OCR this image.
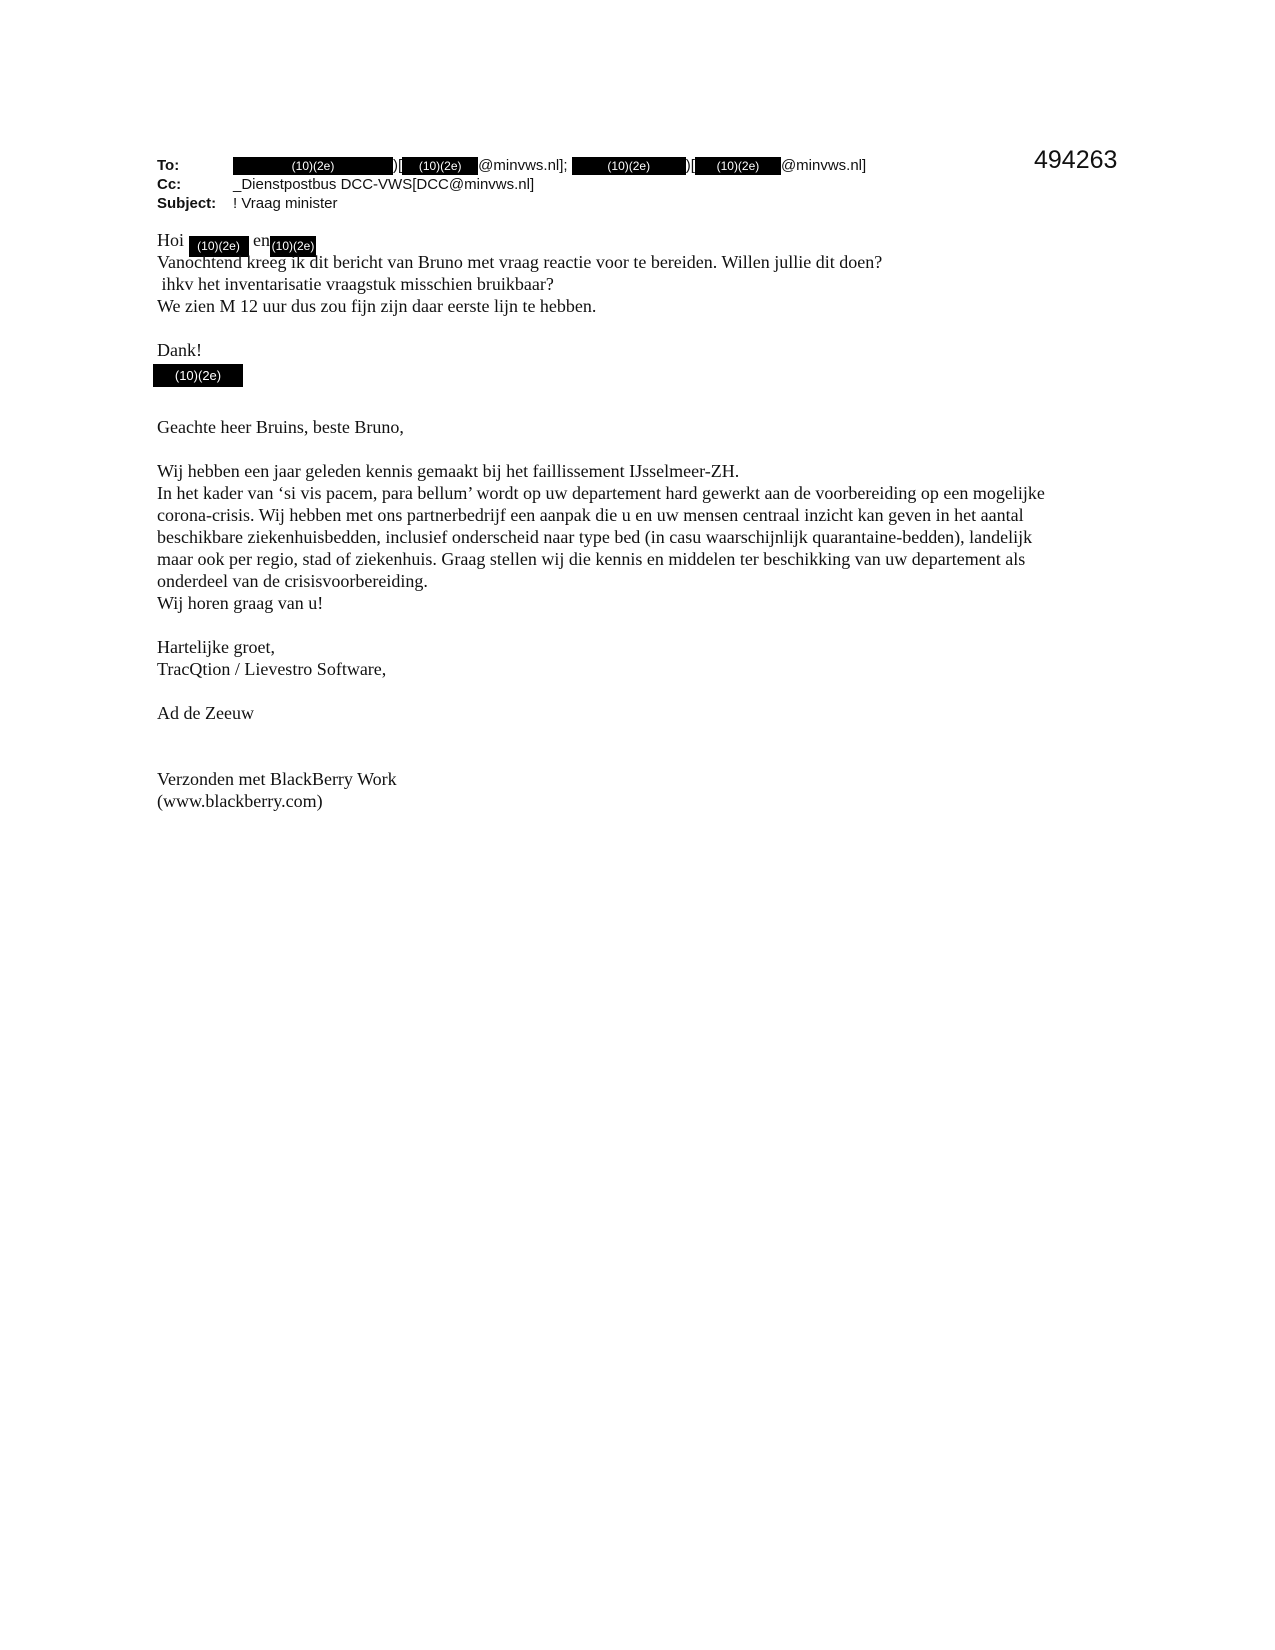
494263
To:	(10)(2e)	)[ (10)(2e) @minvws.nl];	(10)(2e) )[ (10)(2e) @minvws.nl]
Cc:	_Dienstpostbus DCC-VWS[DCC@minvws.nl]
Subject: ! Vraag minister
Hoi (10)(2e) en (10)(2e)
Vanochtend kreeg ik dit bericht van Bruno met vraag reactie voor te bereiden. Willen jullie dit doen?
ihkv het inventarisatie vraagstuk misschien bruikbaar?
We zien M 12 uur dus zou fijn zijn daar eerste lijn te hebben.
Dank!
(10)(2e)
Geachte heer Bruins, beste Bruno,
Wij hebben een jaar geleden kennis gemaakt bij het faillissement IJsselmeer-ZH.
In het kader van ‘si vis pacem, para bellum’ wordt op uw departement hard gewerkt aan de voorbereiding op een mogelijke
corona-crisis. Wij hebben met ons partnerbedrijf een aanpak die u en uw mensen centraal inzicht kan geven in het aantal
beschikbare ziekenhuisbedden, inclusief onderscheid naar type bed (in casu waarschijnlijk quarantaine-bedden), landelijk
maar ook per regio, stad of ziekenhuis. Graag stellen wij die kennis en middelen ter beschikking van uw departement als
onderdeel van de crisisvoorbereiding.
Wij horen graag van u!
Hartelijke groet,
TracQtion / Lievestro Software,
Ad de Zeeuw
Verzonden met BlackBerry Work
(www.blackberry.com)
